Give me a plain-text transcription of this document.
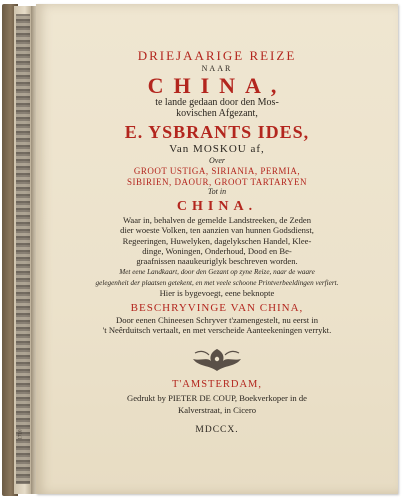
1710
DRIEJAARIGE REIZE
NAAR
CHINA,
te lande gedaan door den Mos-
kovischen Afgezant,
E. YSBRANTS IDES,
Van MOSKOU af,
Over
GROOT USTIGA, SIRIANIA, PERMIA,
SIBIRIEN, DAOUR, GROOT TARTARYEN
Tot in
CHINA.
Waar in, behalven de gemelde Landstreeken, de Zeden
dier woeste Volken, ten aanzien van hunnen Godsdienst,
Regeeringen, Huwelyken, dagelykschen Handel, Klee-
dinge, Woningen, Onderhoud, Dood en Be-
graafnissen naaukeuriglyk beschreven worden.
Met eene Landkaart, door den Gezant op zyne Reize, naar de waare
gelegenheit der plaatsen getekent, en met veele schoone Printverbeeldingen verfiert.
Hier is bygevoegt, eene beknopte
BESCHRYVINGE VAN CHINA,
Door eenen Chineesen Schryver t'zamengestelt, nu eerst in
't Neêrduitsch vertaalt, en met verscheide Aanteekeningen verrykt.
T'AMSTERDAM,
Gedrukt by PIETER DE COUP, Boekverkoper in de
Kalverstraat, in Cicero
MDCCX.
